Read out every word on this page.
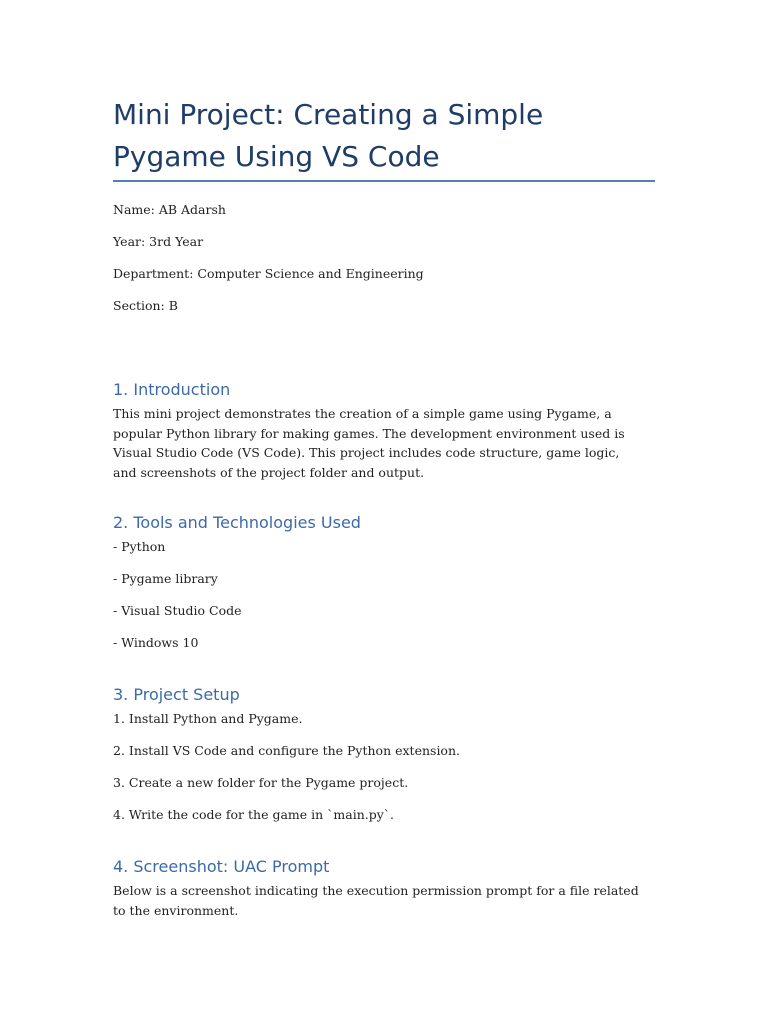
Mini Project: Creating a Simple Pygame Using VS Code

Name: AB Adarsh

Year: 3rd Year

Department: Computer Science and Engineering

Section: B

1. Introduction

This mini project demonstrates the creation of a simple game using Pygame, a popular Python library for making games. The development environment used is Visual Studio Code (VS Code). This project includes code structure, game logic, and screenshots of the project folder and output.

2. Tools and Technologies Used

- Python

- Pygame library

- Visual Studio Code

- Windows 10

3. Project Setup

1. Install Python and Pygame.

2. Install VS Code and configure the Python extension.

3. Create a new folder for the Pygame project.

4. Write the code for the game in `main.py`.

4. Screenshot: UAC Prompt

Below is a screenshot indicating the execution permission prompt for a file related to the environment.
